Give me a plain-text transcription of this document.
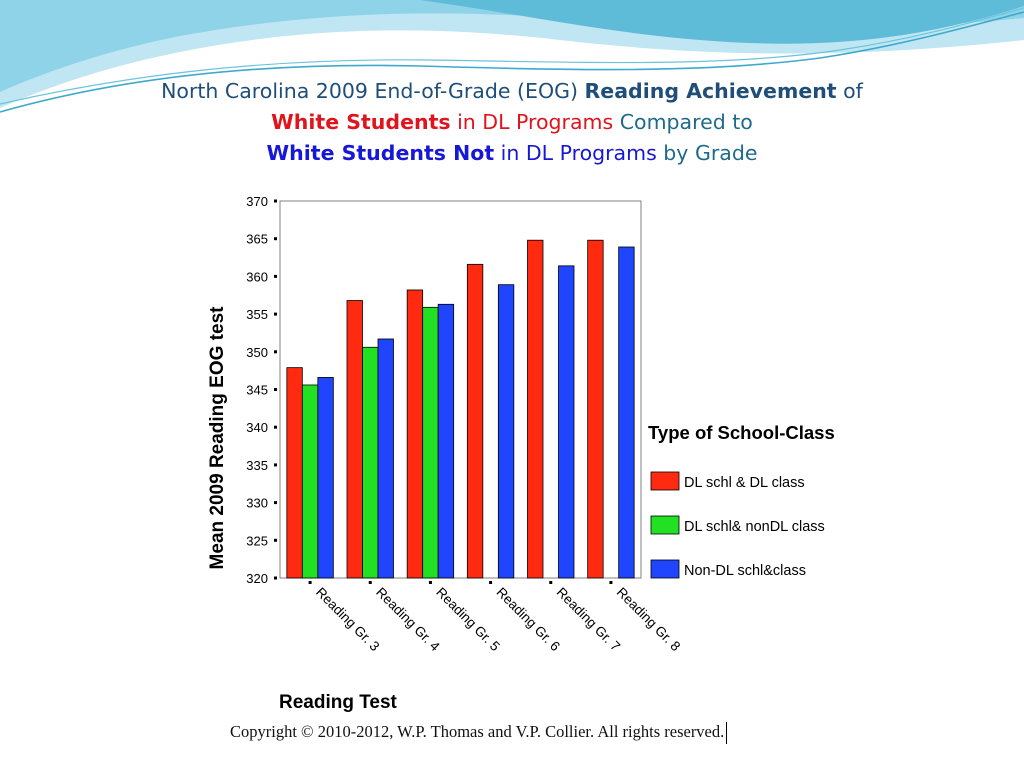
North Carolina 2009 End-of-Grade (EOG) Reading Achievement of
White Students in DL Programs Compared to
White Students Not in DL Programs by Grade
320
325
330
335
340
345
350
355
360
365
370
Reading Gr. 3
Reading Gr. 4
Reading Gr. 5
Reading Gr. 6
Reading Gr. 7
Reading Gr. 8
Reading Test
Mean 2009 Reading EOG test	Type of School-Class
DL schl & DL class
DL schl& nonDL class
Non-DL schl&class
Copyright © 2010-2012, W.P. Thomas and V.P. Collier. All rights reserved.
